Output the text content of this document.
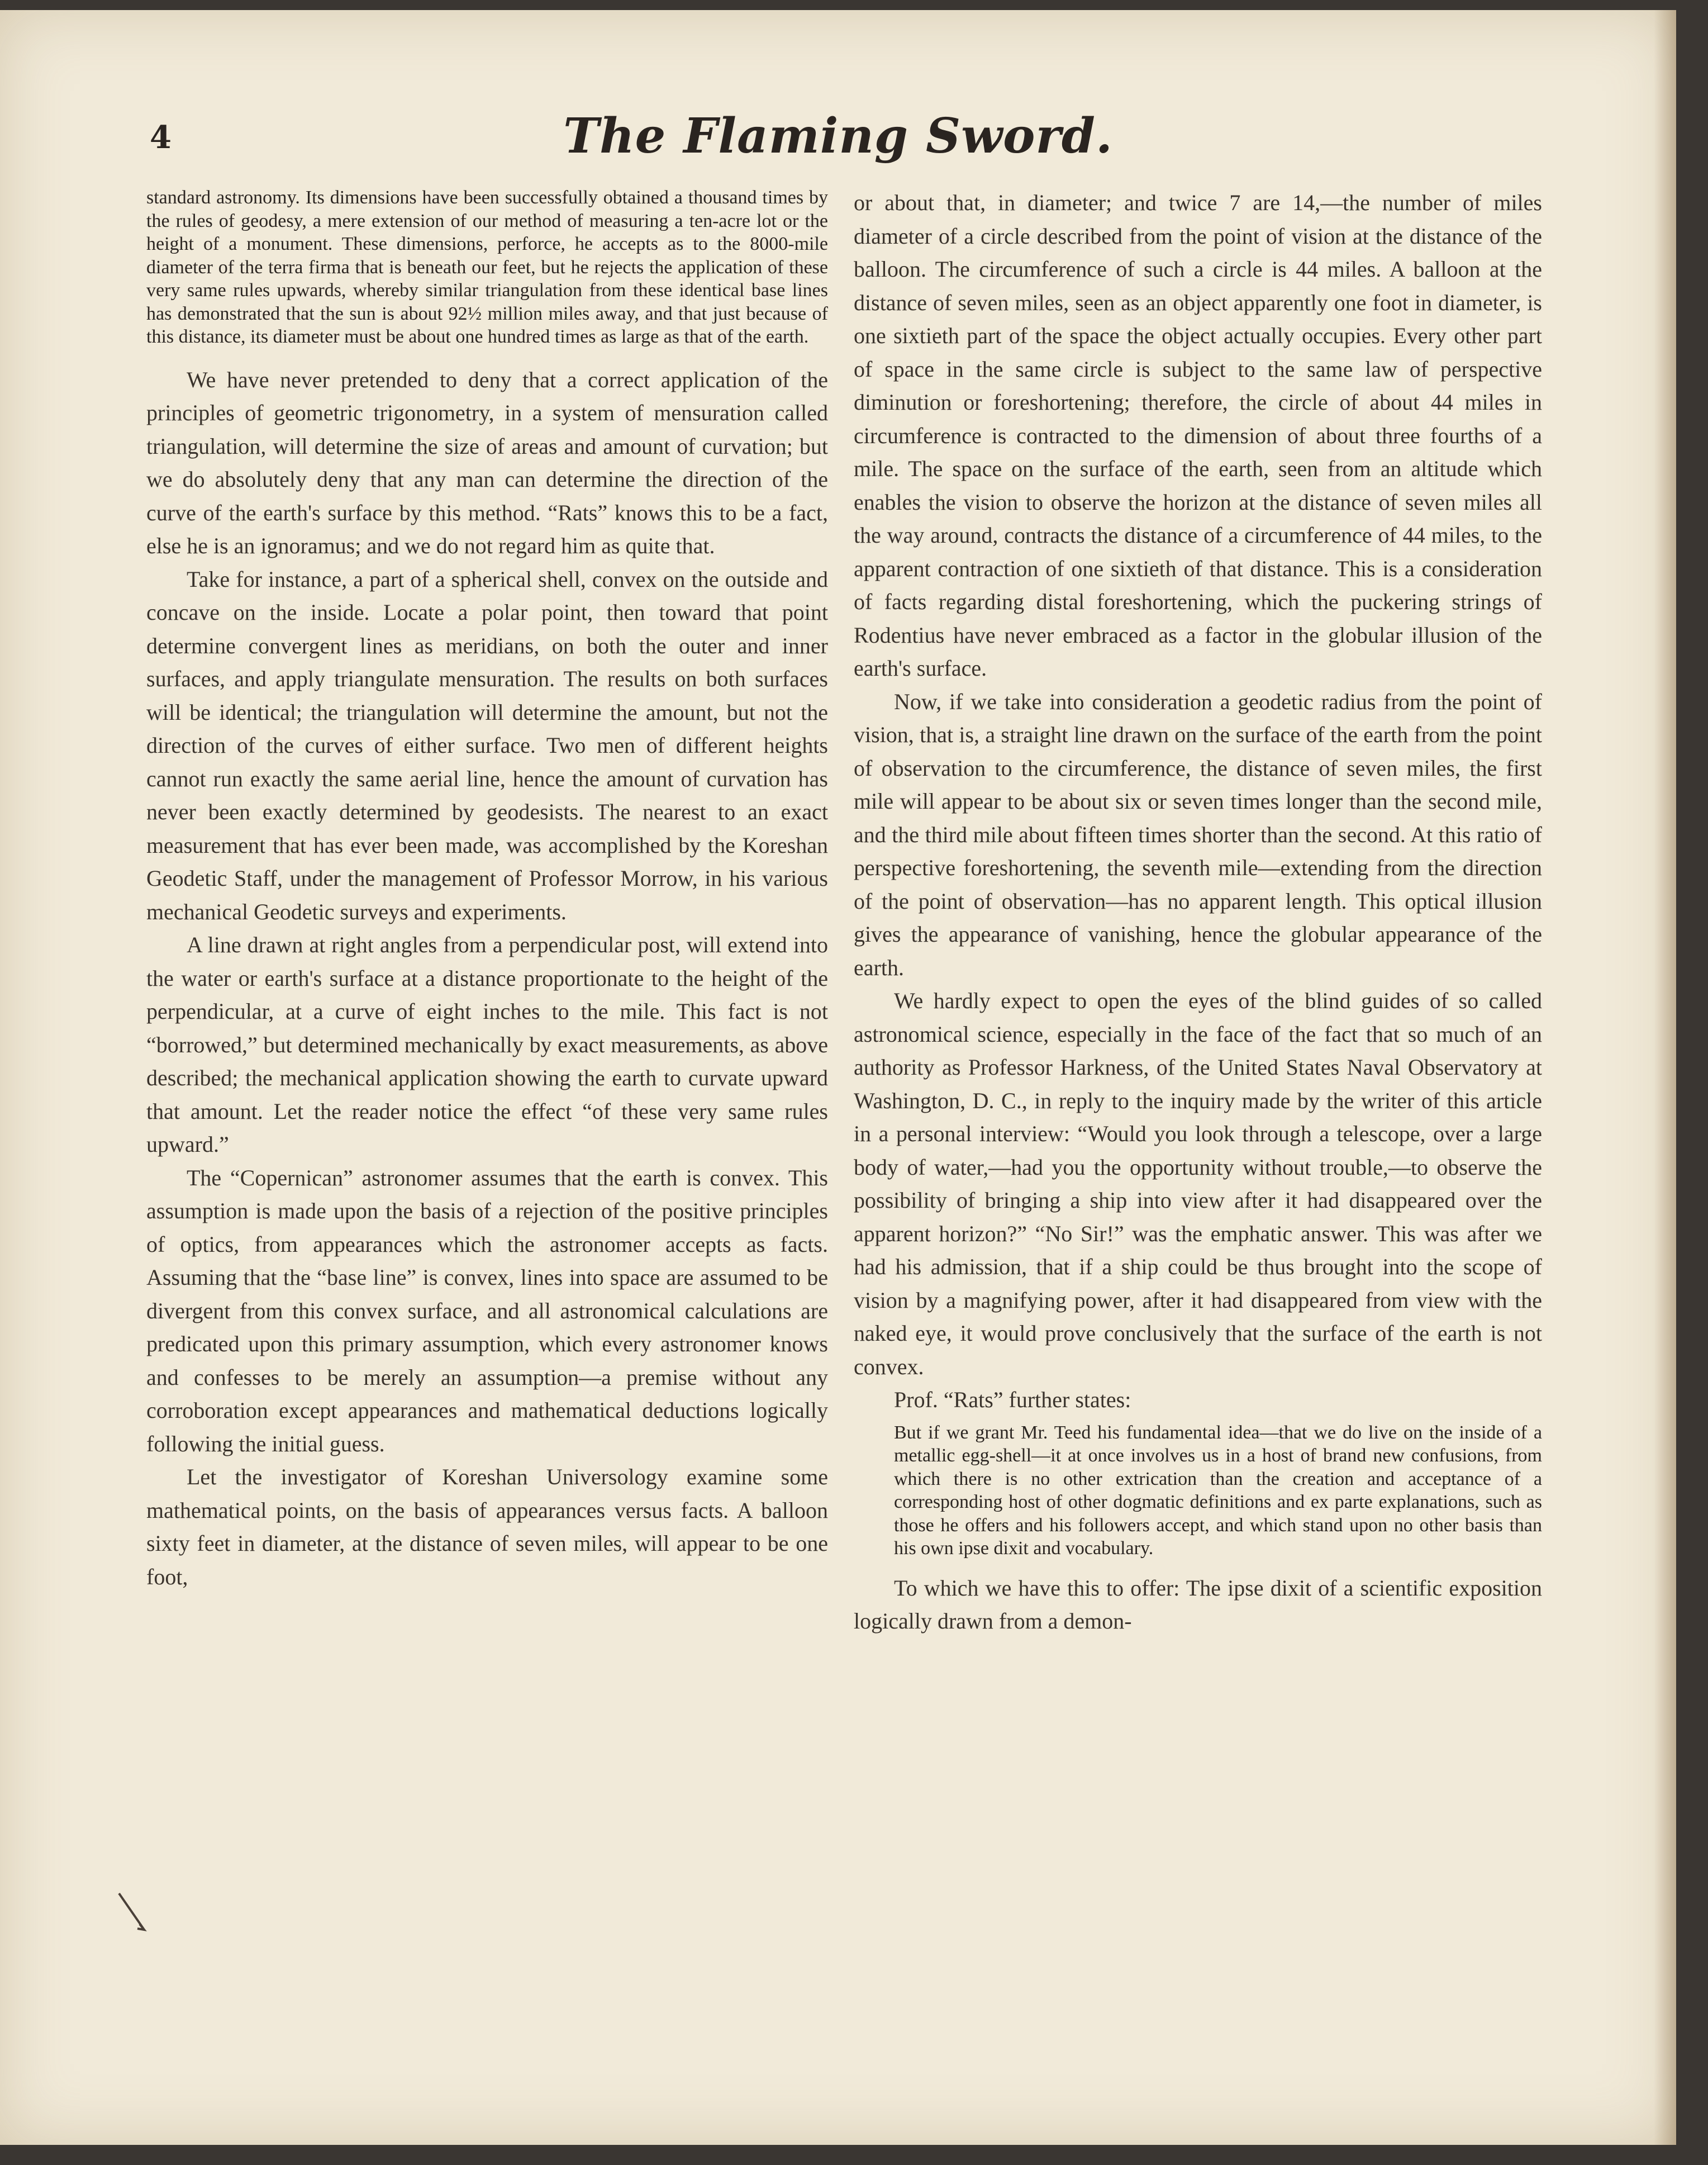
4	The Flaming Sword.

standard astronomy. Its dimensions have been successfully obtained a thousand times by the rules of geodesy, a mere extension of our method of measuring a ten-acre lot or the height of a monument. These dimensions, perforce, he accepts as to the 8000-mile diameter of the terra firma that is beneath our feet, but he rejects the application of these very same rules upwards, whereby similar triangulation from these identical base lines has demonstrated that the sun is about 92½ million miles away, and that just because of this distance, its diameter must be about one hundred times as large as that of the earth.

We have never pretended to deny that a correct application of the principles of geometric trigonometry, in a system of mensuration called triangulation, will determine the size of areas and amount of curvation; but we do absolutely deny that any man can determine the direction of the curve of the earth's surface by this method. “Rats” knows this to be a fact, else he is an ignoramus; and we do not regard him as quite that.

Take for instance, a part of a spherical shell, convex on the outside and concave on the inside. Locate a polar point, then toward that point determine convergent lines as meridians, on both the outer and inner surfaces, and apply triangulate mensuration. The results on both surfaces will be identical; the triangulation will determine the amount, but not the direction of the curves of either surface. Two men of different heights cannot run exactly the same aerial line, hence the amount of curvation has never been exactly determined by geodesists. The nearest to an exact measurement that has ever been made, was accomplished by the Koreshan Geodetic Staff, under the management of Professor Morrow, in his various mechanical Geodetic surveys and experiments.

A line drawn at right angles from a perpendicular post, will extend into the water or earth's surface at a distance proportionate to the height of the perpendicular, at a curve of eight inches to the mile. This fact is not “borrowed,” but determined mechanically by exact measurements, as above described; the mechanical application showing the earth to curvate upward that amount. Let the reader notice the effect “of these very same rules upward.”

The “Copernican” astronomer assumes that the earth is convex. This assumption is made upon the basis of a rejection of the positive principles of optics, from appearances which the astronomer accepts as facts. Assuming that the “base line” is convex, lines into space are assumed to be divergent from this convex surface, and all astronomical calculations are predicated upon this primary assumption, which every astronomer knows and confesses to be merely an assumption—a premise without any corroboration except appearances and mathematical deductions logically following the initial guess.

Let the investigator of Koreshan Universology examine some mathematical points, on the basis of appearances versus facts. A balloon sixty feet in diameter, at the distance of seven miles, will appear to be one foot,

or about that, in diameter; and twice 7 are 14,—the number of miles diameter of a circle described from the point of vision at the distance of the balloon. The circumference of such a circle is 44 miles. A balloon at the distance of seven miles, seen as an object apparently one foot in diameter, is one sixtieth part of the space the object actually occupies. Every other part of space in the same circle is subject to the same law of perspective diminution or foreshortening; therefore, the circle of about 44 miles in circumference is contracted to the dimension of about three fourths of a mile. The space on the surface of the earth, seen from an altitude which enables the vision to observe the horizon at the distance of seven miles all the way around, contracts the distance of a circumference of 44 miles, to the apparent contraction of one sixtieth of that distance. This is a consideration of facts regarding distal foreshortening, which the puckering strings of Rodentius have never embraced as a factor in the globular illusion of the earth's surface.

Now, if we take into consideration a geodetic radius from the point of vision, that is, a straight line drawn on the surface of the earth from the point of observation to the circumference, the distance of seven miles, the first mile will appear to be about six or seven times longer than the second mile, and the third mile about fifteen times shorter than the second. At this ratio of perspective foreshortening, the seventh mile—extending from the direction of the point of observation—has no apparent length. This optical illusion gives the appearance of vanishing, hence the globular appearance of the earth.

We hardly expect to open the eyes of the blind guides of so called astronomical science, especially in the face of the fact that so much of an authority as Professor Harkness, of the United States Naval Observatory at Washington, D. C., in reply to the inquiry made by the writer of this article in a personal interview: “Would you look through a telescope, over a large body of water,—had you the opportunity without trouble,—to observe the possibility of bringing a ship into view after it had disappeared over the apparent horizon?” “No Sir!” was the emphatic answer. This was after we had his admission, that if a ship could be thus brought into the scope of vision by a magnifying power, after it had disappeared from view with the naked eye, it would prove conclusively that the surface of the earth is not convex.

Prof. “Rats” further states:

But if we grant Mr. Teed his fundamental idea—that we do live on the inside of a metallic egg-shell—it at once involves us in a host of brand new confusions, from which there is no other extrication than the creation and acceptance of a corresponding host of other dogmatic definitions and ex parte explanations, such as those he offers and his followers accept, and which stand upon no other basis than his own ipse dixit and vocabulary.

To which we have this to offer: The ipse dixit of a scientific exposition logically drawn from a demon-
